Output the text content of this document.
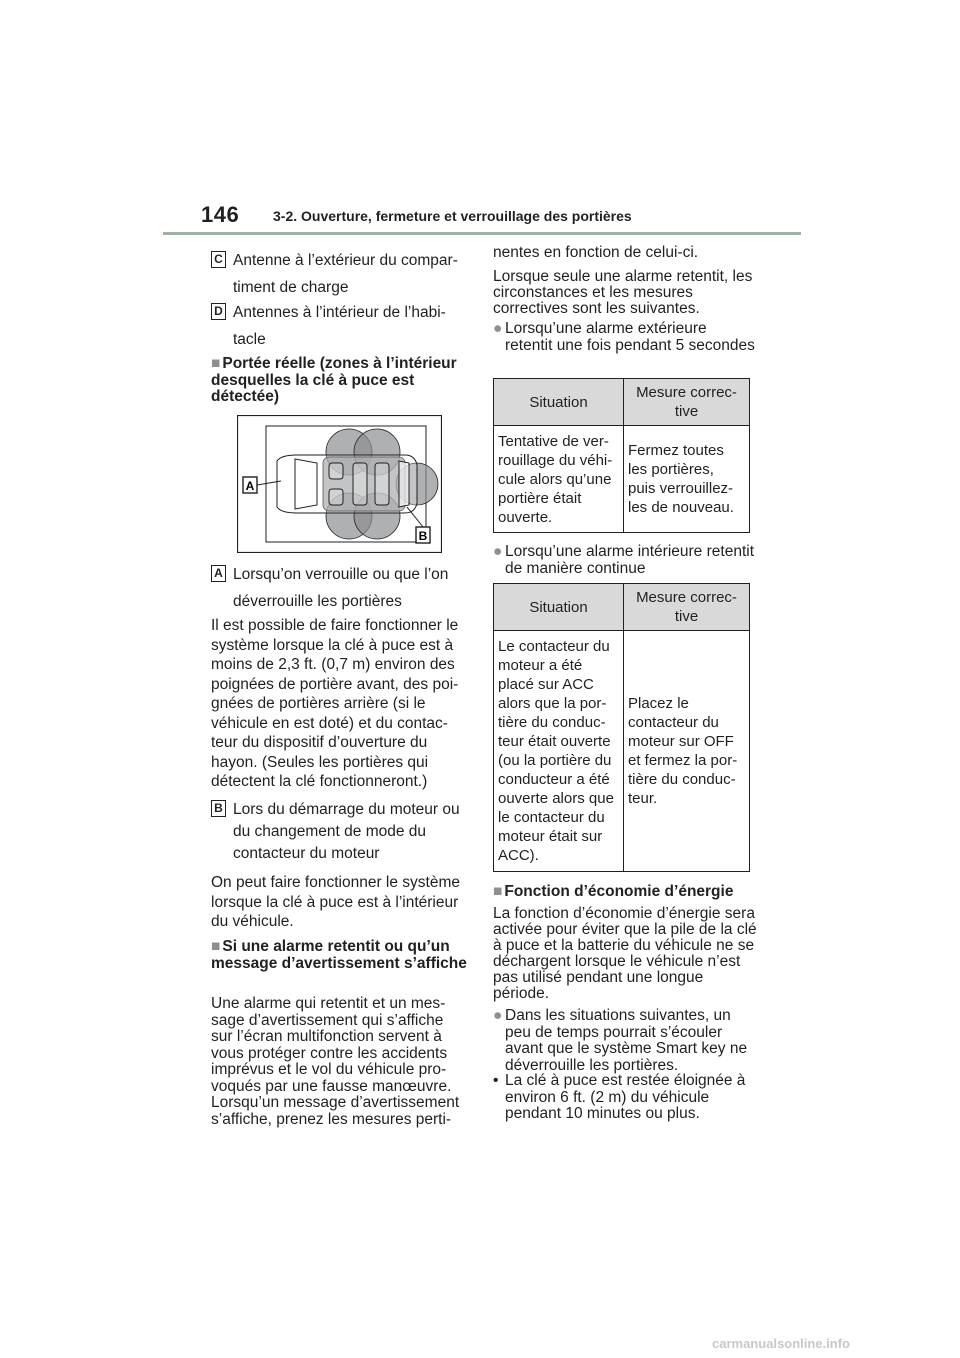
146 3-2. Ouverture, fermeture et verrouillage des portières
C Antenne à l’extérieur du compar-
timent de charge
D Antennes à l’intérieur de l’habi-
tacle
■ Portée réelle (zones à l’intérieur desquelles la clé à puce est détectée)
A
B
A Lorsqu’on verrouille ou que l’on
déverrouille les portières
Il est possible de faire fonctionner le système lorsque la clé à puce est à moins de 2,3 ft. (0,7 m) environ des poignées de portière avant, des poi-gnées de portières arrière (si le véhicule en est doté) et du contac-teur du dispositif d’ouverture du hayon. (Seules les portières qui détectent la clé fonctionneront.)
B Lors du démarrage du moteur ou
du changement de mode du
contacteur du moteur
On peut faire fonctionner le système lorsque la clé à puce est à l’intérieur du véhicule.
■ Si une alarme retentit ou qu’un message d’avertissement s’affiche
Une alarme qui retentit et un mes-sage d’avertissement qui s’affiche sur l’écran multifonction servent à vous protéger contre les accidents imprévus et le vol du véhicule pro-voqués par une fausse manœuvre. Lorsqu’un message d’avertissement s’affiche, prenez les mesures perti-
nentes en fonction de celui-ci.
Lorsque seule une alarme retentit, les circonstances et les mesures correctives sont les suivantes.
● Lorsqu’une alarme extérieure retentit une fois pendant 5 secondes
Situation	Mesure correc-tive
Tentative de ver-rouillage du véhi-cule alors qu’une portière était ouverte.	Fermez toutes les portières, puis verrouillez-les de nouveau.
● Lorsqu’une alarme intérieure retentit de manière continue
Situation	Mesure correc-tive
Le contacteur du moteur a été placé sur ACC alors que la por-tière du conduc-teur était ouverte (ou la portière du conducteur a été ouverte alors que le contacteur du moteur était sur ACC).	Placez le contacteur du moteur sur OFF et fermez la por-tière du conduc-teur.
■ Fonction d’économie d’énergie
La fonction d’économie d’énergie sera activée pour éviter que la pile de la clé à puce et la batterie du véhicule ne se déchargent lorsque le véhicule n’est pas utilisé pendant une longue période.
● Dans les situations suivantes, un peu de temps pourrait s’écouler avant que le système Smart key ne déverrouille les portières.
• La clé à puce est restée éloignée à environ 6 ft. (2 m) du véhicule pendant 10 minutes ou plus.
carmanualsonline.info
